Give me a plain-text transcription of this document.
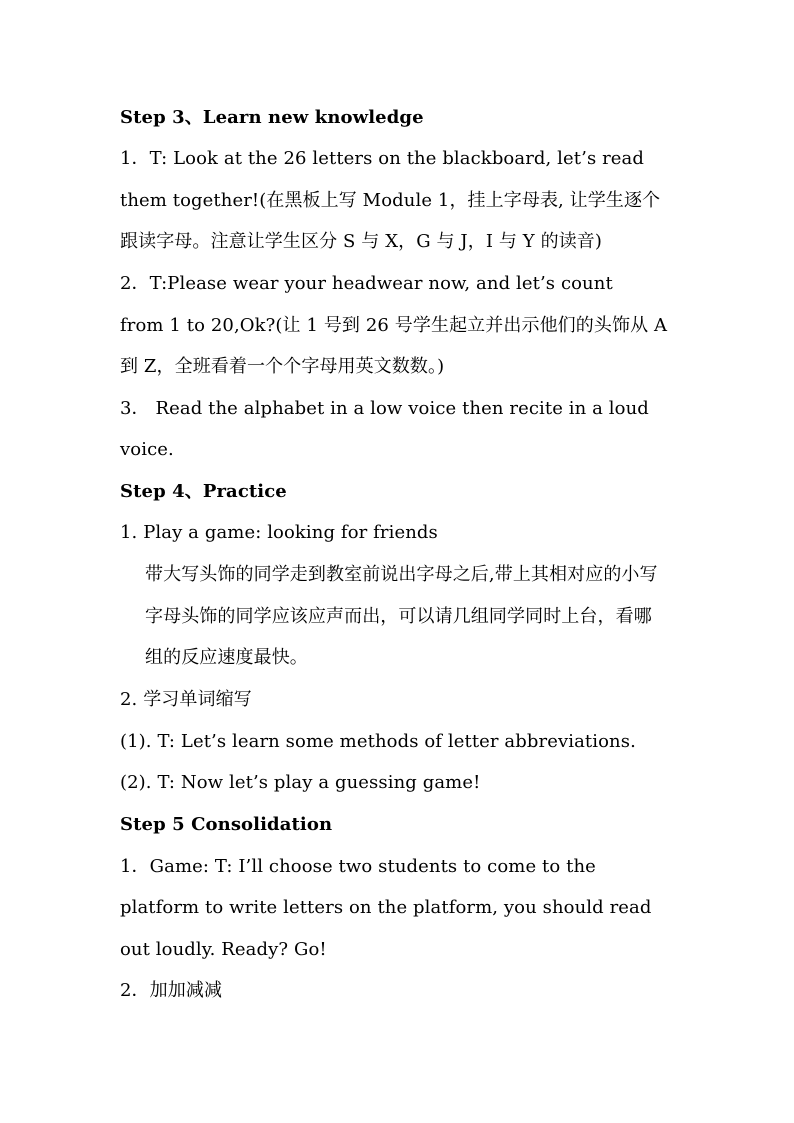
Step 3、Learn new knowledge
1．T: Look at the 26 letters on the blackboard, let’s read
them together!(在黑板上写 Module 1，挂上字母表, 让学生逐个
跟读字母。注意让学生区分 S 与 X，G 与 J，I 与 Y 的读音)
2．T:Please wear your headwear now, and let’s count
from 1 to 20,Ok?(让 1 号到 26 号学生起立并出示他们的头饰从 A
到 Z，全班看着一个个字母用英文数数。)
3． Read the alphabet in a low voice then recite in a loud
voice.
Step 4、Practice
1. Play a game: looking for friends
带大写头饰的同学走到教室前说出字母之后,带上其相对应的小写
字母头饰的同学应该应声而出，可以请几组同学同时上台，看哪
组的反应速度最快。
2. 学习单词缩写
(1). T: Let’s learn some methods of letter abbreviations.
(2). T: Now let’s play a guessing game!
Step 5 Consolidation
1．Game: T: I’ll choose two students to come to the
platform to write letters on the platform, you should read
out loudly. Ready? Go!
2．加加减减
